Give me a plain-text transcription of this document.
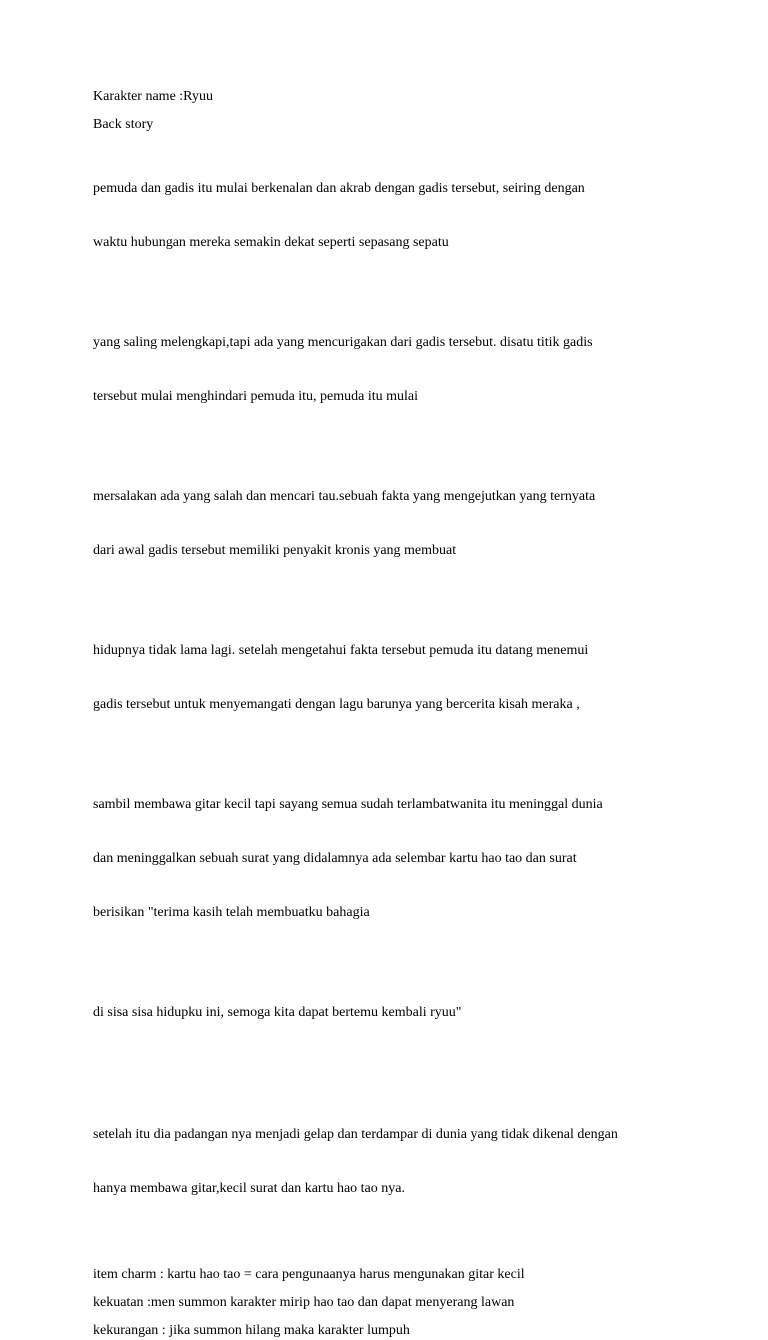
Karakter name :Ryuu

Back story

pemuda dan gadis itu mulai berkenalan dan akrab dengan gadis tersebut, seiring dengan

waktu hubungan mereka semakin dekat seperti sepasang sepatu

yang saling melengkapi,tapi ada yang mencurigakan dari gadis tersebut. disatu titik gadis

tersebut mulai menghindari pemuda itu, pemuda itu mulai

mersalakan ada yang salah dan mencari tau.sebuah fakta yang mengejutkan yang ternyata

dari awal gadis tersebut memiliki penyakit kronis yang membuat

hidupnya tidak lama lagi. setelah mengetahui fakta tersebut pemuda itu datang menemui

gadis tersebut untuk menyemangati dengan lagu barunya yang bercerita kisah meraka ,

sambil membawa gitar kecil tapi sayang semua sudah terlambatwanita itu meninggal dunia

dan meninggalkan sebuah surat yang didalamnya ada selembar kartu hao tao dan surat

berisikan "terima kasih telah membuatku bahagia

di sisa sisa hidupku ini, semoga kita dapat bertemu kembali ryuu"

setelah itu dia padangan nya menjadi gelap dan terdampar di dunia yang tidak dikenal dengan

hanya membawa gitar,kecil surat dan kartu hao tao nya.

item charm : kartu hao tao = cara pengunaanya harus mengunakan gitar kecil

kekuatan :men summon karakter mirip hao tao dan dapat menyerang lawan

kekurangan : jika summon hilang maka karakter lumpuh
